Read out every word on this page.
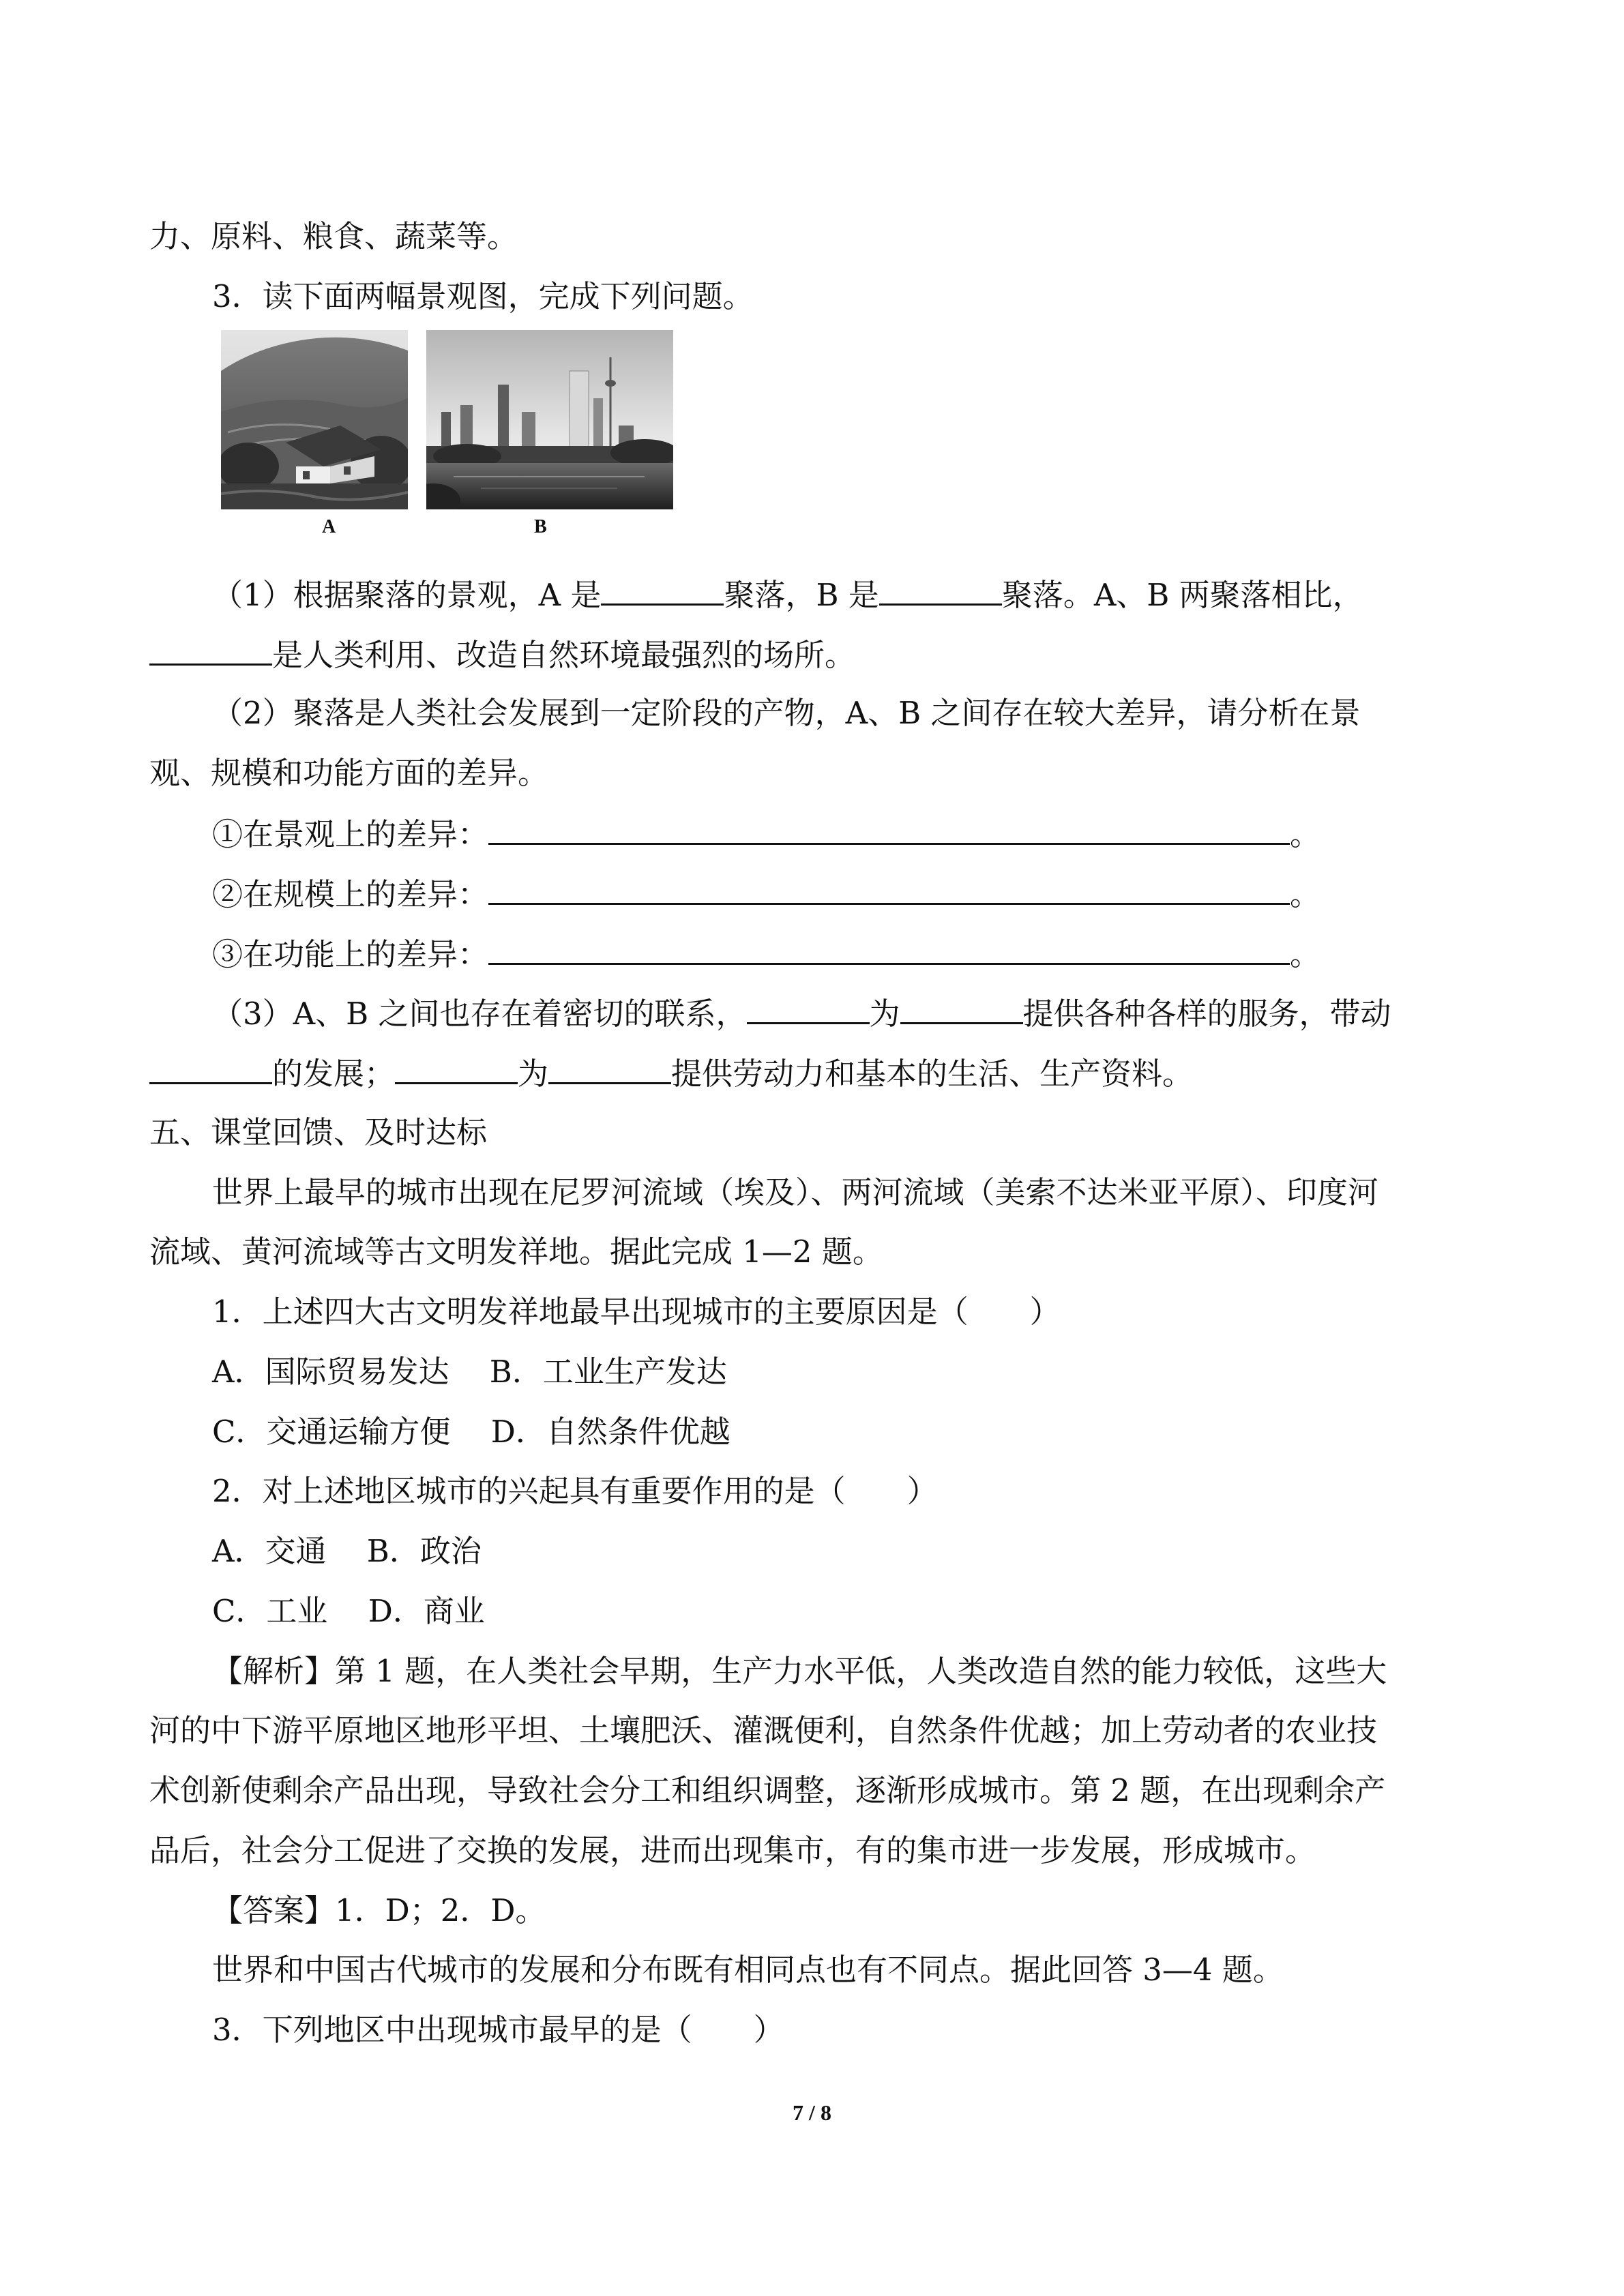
力、原料、粮食、蔬菜等。
3．读下面两幅景观图，完成下列问题。
A	B
（1）根据聚落的景观，A 是	聚落，B 是	聚落。A、B 两聚落相比，
是人类利用、改造自然环境最强烈的场所。
（2）聚落是人类社会发展到一定阶段的产物，A、B 之间存在较大差异，请分析在景
观、规模和功能方面的差异。
①在景观上的差异：	。
②在规模上的差异：	。
③在功能上的差异：	。
（3）A、B 之间也存在着密切的联系，	为	提供各种各样的服务，带动
的发展；	为	提供劳动力和基本的生活、生产资料。
五、课堂回馈、及时达标
世界上最早的城市出现在尼罗河流域（埃及）、两河流域（美索不达米亚平原）、印度河
流域、黄河流域等古文明发祥地。据此完成 1—2 题。
1．上述四大古文明发祥地最早出现城市的主要原因是（　　）
A．国际贸易发达　 B．工业生产发达
C．交通运输方便　 D．自然条件优越
2．对上述地区城市的兴起具有重要作用的是（　　）
A．交通　 B．政治
C．工业　 D．商业
【解析】第 1 题，在人类社会早期，生产力水平低，人类改造自然的能力较低，这些大
河的中下游平原地区地形平坦、土壤肥沃、灌溉便利，自然条件优越；加上劳动者的农业技
术创新使剩余产品出现，导致社会分工和组织调整，逐渐形成城市。第 2 题，在出现剩余产
品后，社会分工促进了交换的发展，进而出现集市，有的集市进一步发展，形成城市。
【答案】1．D；2．D。
世界和中国古代城市的发展和分布既有相同点也有不同点。据此回答 3—4 题。
3．下列地区中出现城市最早的是（　　）
7 / 8
